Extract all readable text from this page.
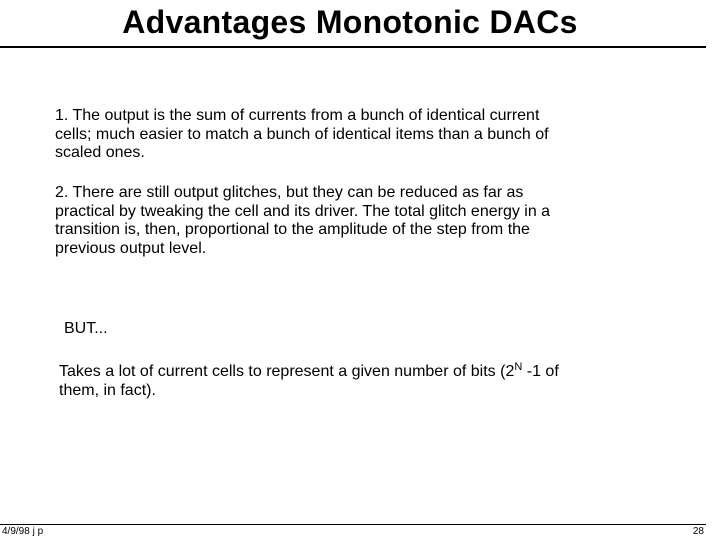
Advantages Monotonic DACs
1. The output is the sum of currents from a bunch of identical current
cells; much easier to match a bunch of identical items than a bunch of
scaled ones.
2. There are still output glitches, but they can be reduced as far as
practical by tweaking the cell and its driver. The total glitch energy in a
transition is, then, proportional to the amplitude of the step from the
previous output level.
BUT...
Takes a lot of current cells to represent a given number of bits ($2^N$ -1 of
them, in fact).
4/9/98 j p	28
